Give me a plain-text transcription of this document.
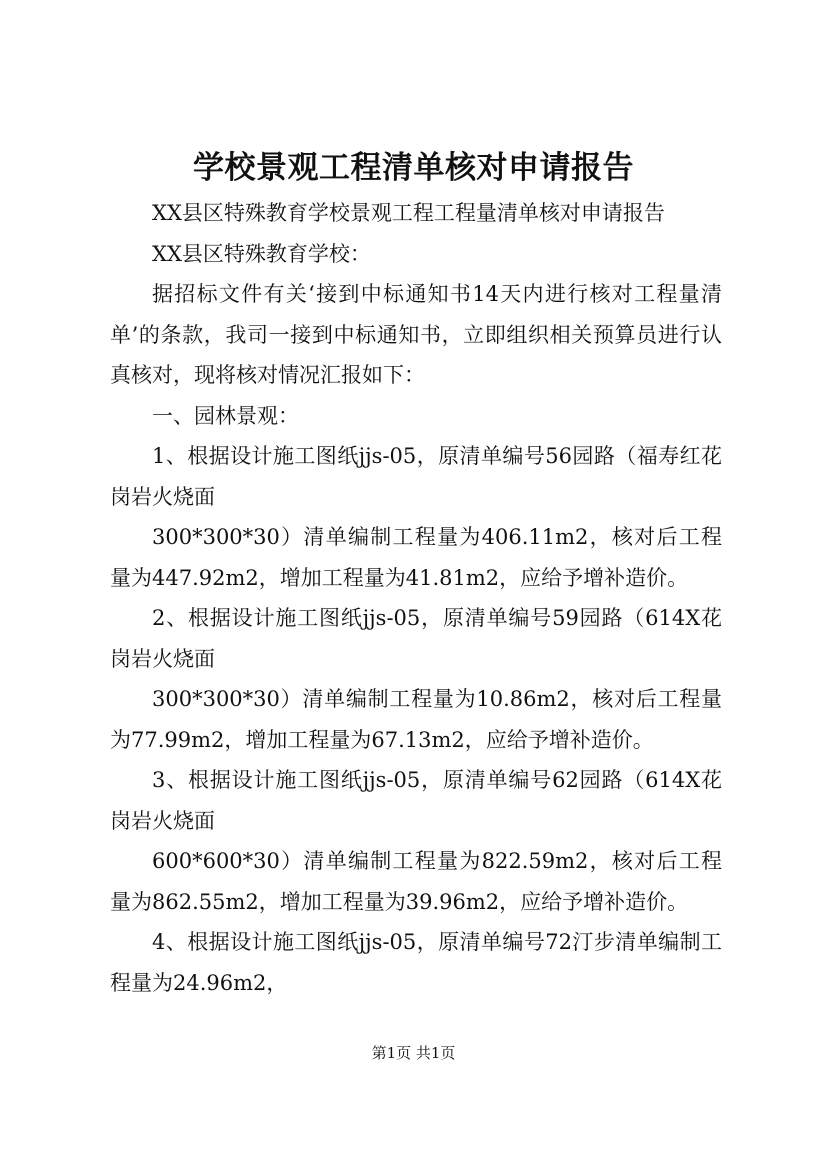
学校景观工程清单核对申请报告

XX县区特殊教育学校景观工程工程量清单核对申请报告

XX县区特殊教育学校：

据招标文件有关‘接到中标通知书14天内进行核对工程量清单’的条款，我司一接到中标通知书，立即组织相关预算员进行认真核对，现将核对情况汇报如下：

一、园林景观：

1、根据设计施工图纸jjs-05，原清单编号56园路（福寿红花岗岩火烧面

300*300*30）清单编制工程量为406.11m2，核对后工程量为447.92m2，增加工程量为41.81m2，应给予增补造价。

2、根据设计施工图纸jjs-05，原清单编号59园路（614X花岗岩火烧面

300*300*30）清单编制工程量为10.86m2，核对后工程量为77.99m2，增加工程量为67.13m2，应给予增补造价。

3、根据设计施工图纸jjs-05，原清单编号62园路（614X花岗岩火烧面

600*600*30）清单编制工程量为822.59m2，核对后工程量为862.55m2，增加工程量为39.96m2，应给予增补造价。

4、根据设计施工图纸jjs-05，原清单编号72汀步清单编制工程量为24.96m2，

第1页 共1页
